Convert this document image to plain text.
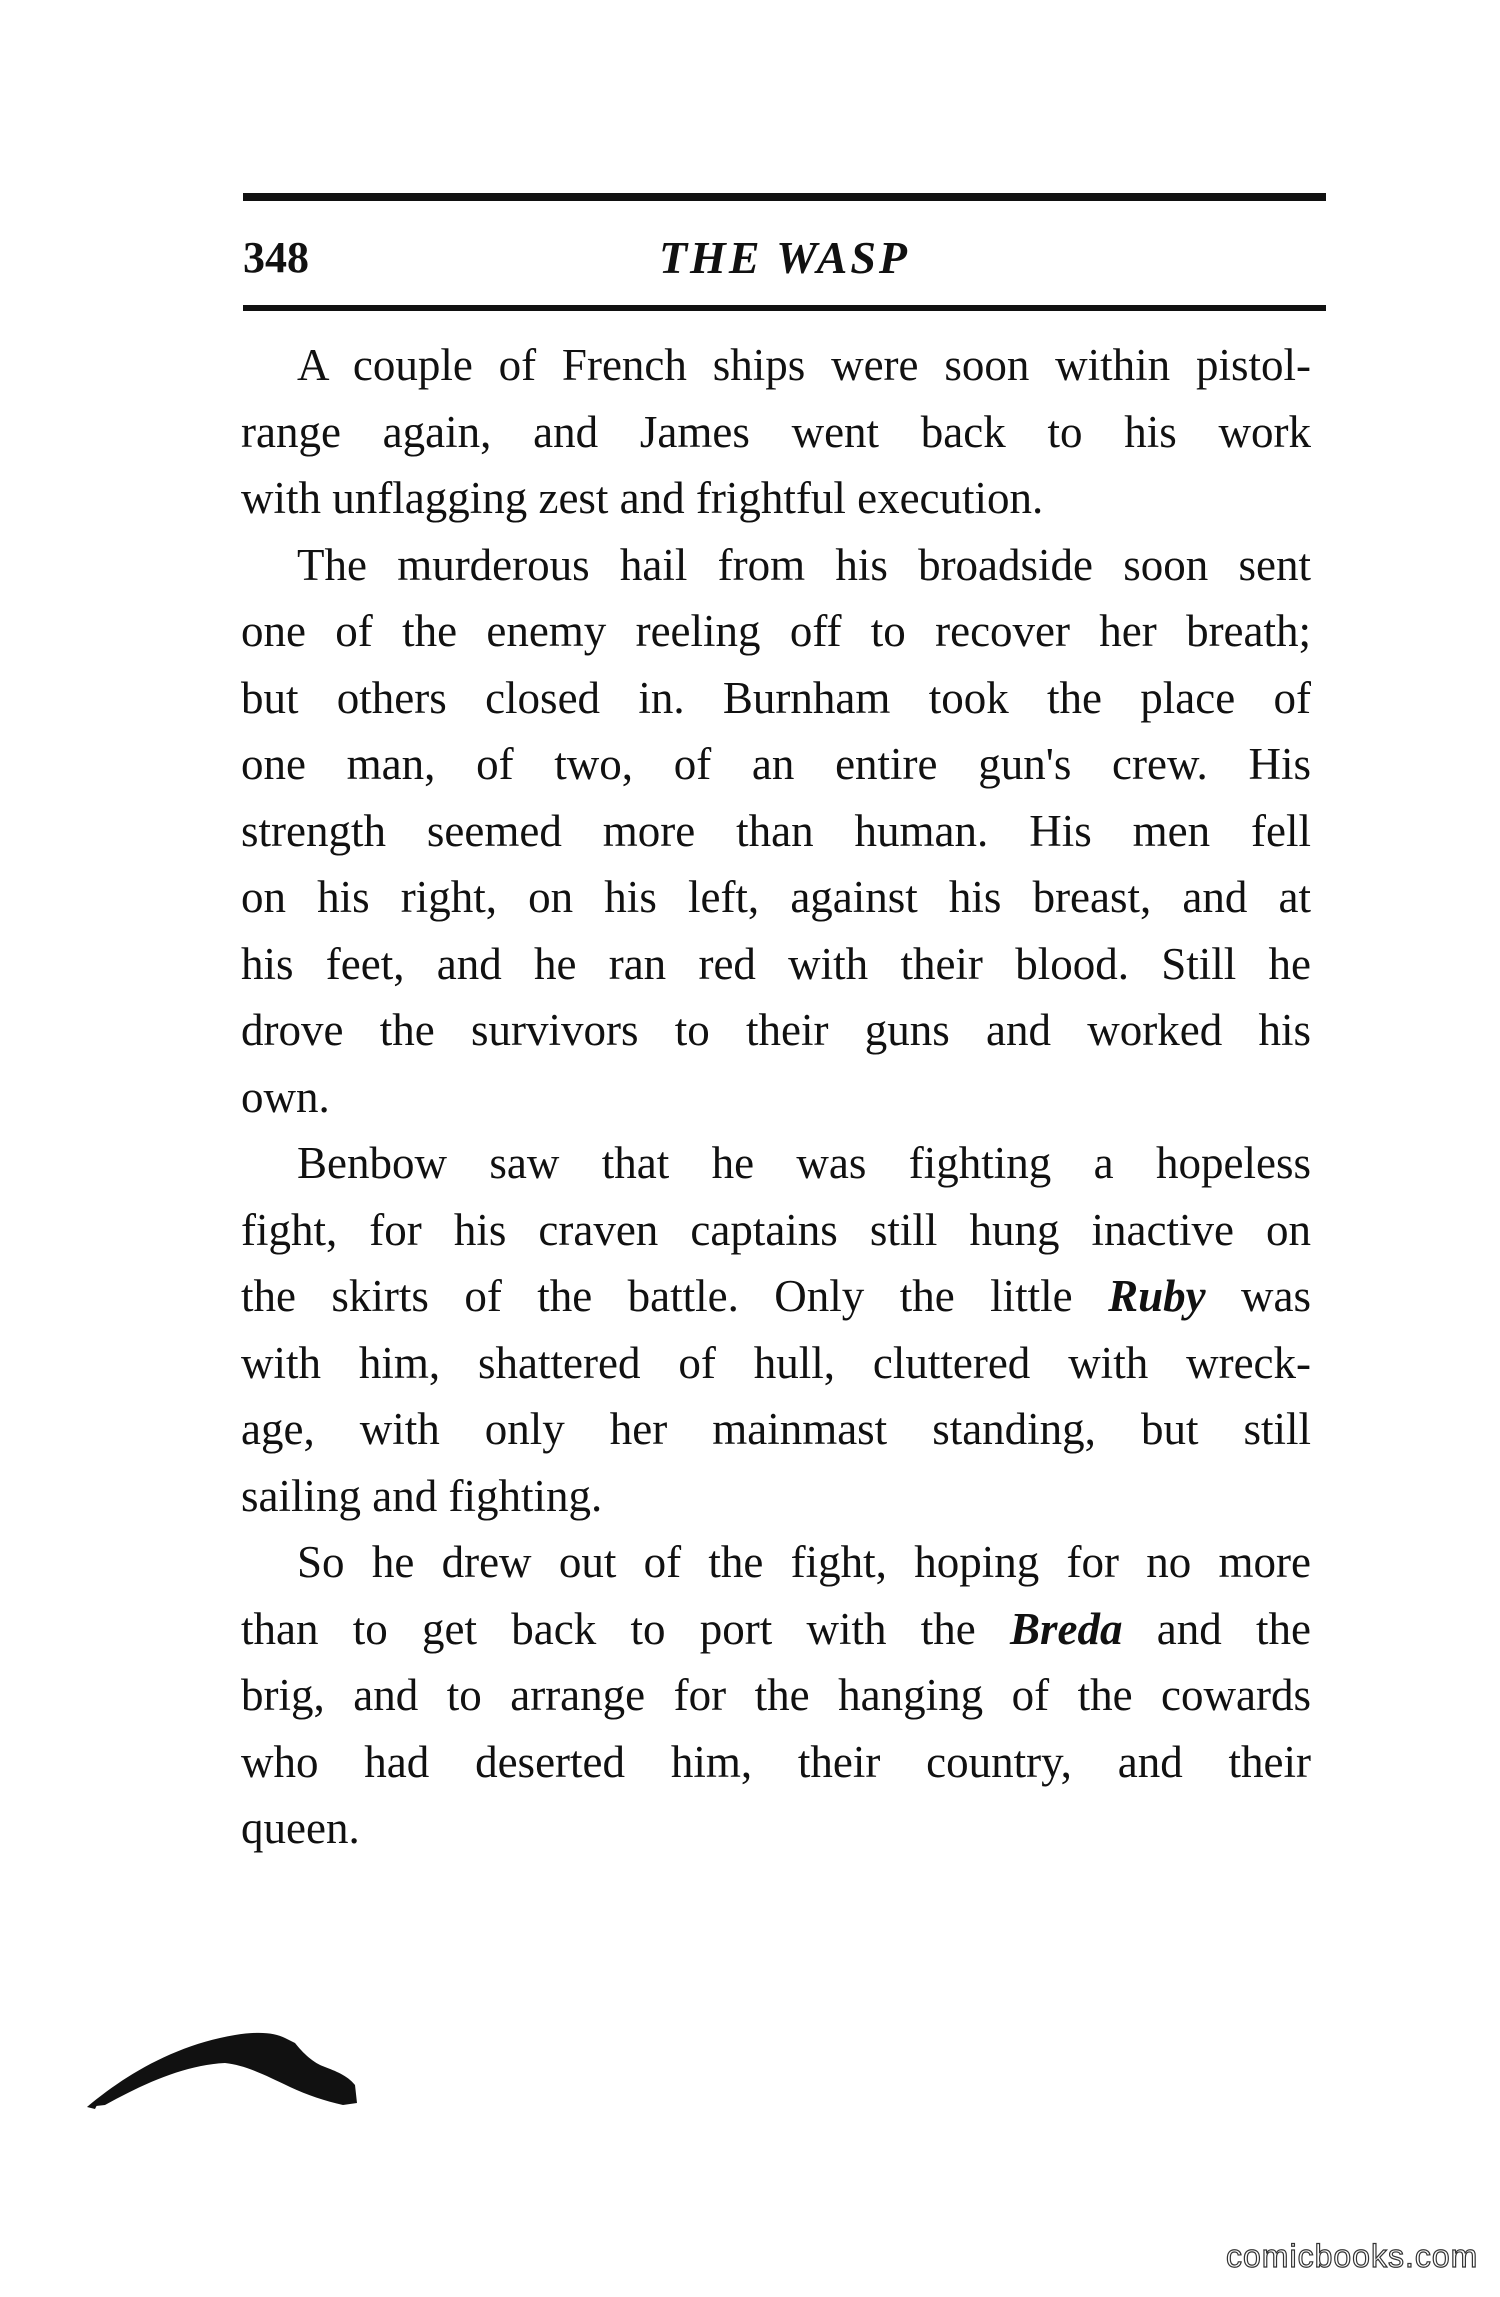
348	THE WASP
A couple of French ships were soon within pistol-
range again, and James went back to his work
with unflagging zest and frightful execution.
The murderous hail from his broadside soon sent
one of the enemy reeling off to recover her breath;
but others closed in. Burnham took the place of
one man, of two, of an entire gun's crew. His
strength seemed more than human. His men fell
on his right, on his left, against his breast, and at
his feet, and he ran red with their blood. Still he
drove the survivors to their guns and worked his
own.
Benbow saw that he was fighting a hopeless
fight, for his craven captains still hung inactive on
the skirts of the battle. Only the little Ruby was
with him, shattered of hull, cluttered with wreck-
age, with only her mainmast standing, but still
sailing and fighting.
So he drew out of the fight, hoping for no more
than to get back to port with the Breda and the
brig, and to arrange for the hanging of the cowards
who had deserted him, their country, and their
queen.
comicbooks.com
